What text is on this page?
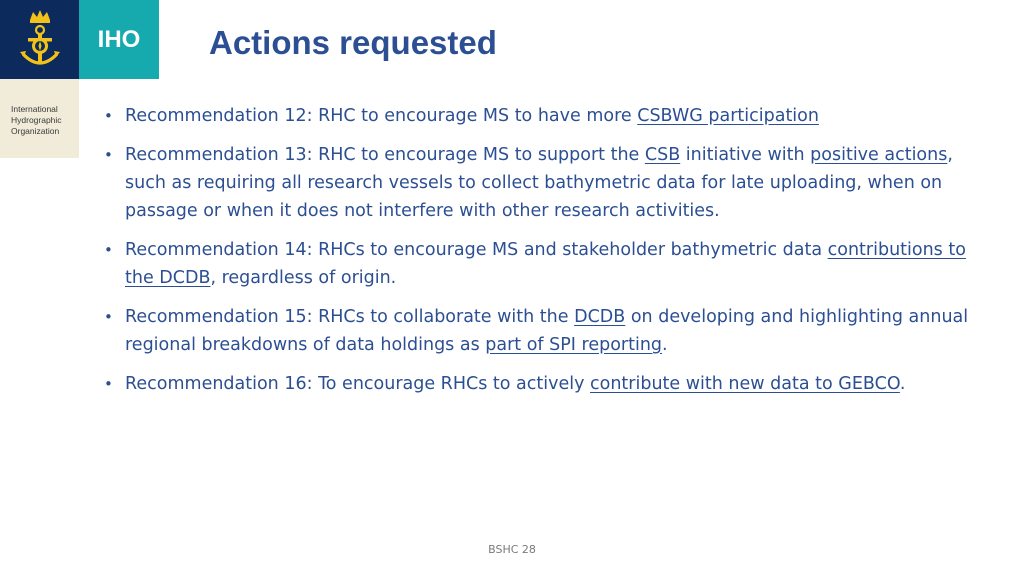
IHO
International
Hydrographic
Organization
Actions requested
• Recommendation 12: RHC to encourage MS to have more CSBWG participation
• Recommendation 13: RHC to encourage MS to support the CSB initiative with positive actions, such as requiring all research vessels to collect bathymetric data for late uploading, when on passage or when it does not interfere with other research activities.
• Recommendation 14: RHCs to encourage MS and stakeholder bathymetric data contributions to the DCDB, regardless of origin.
• Recommendation 15: RHCs to collaborate with the DCDB on developing and highlighting annual regional breakdowns of data holdings as part of SPI reporting.
• Recommendation 16: To encourage RHCs to actively contribute with new data to GEBCO.
BSHC 28
